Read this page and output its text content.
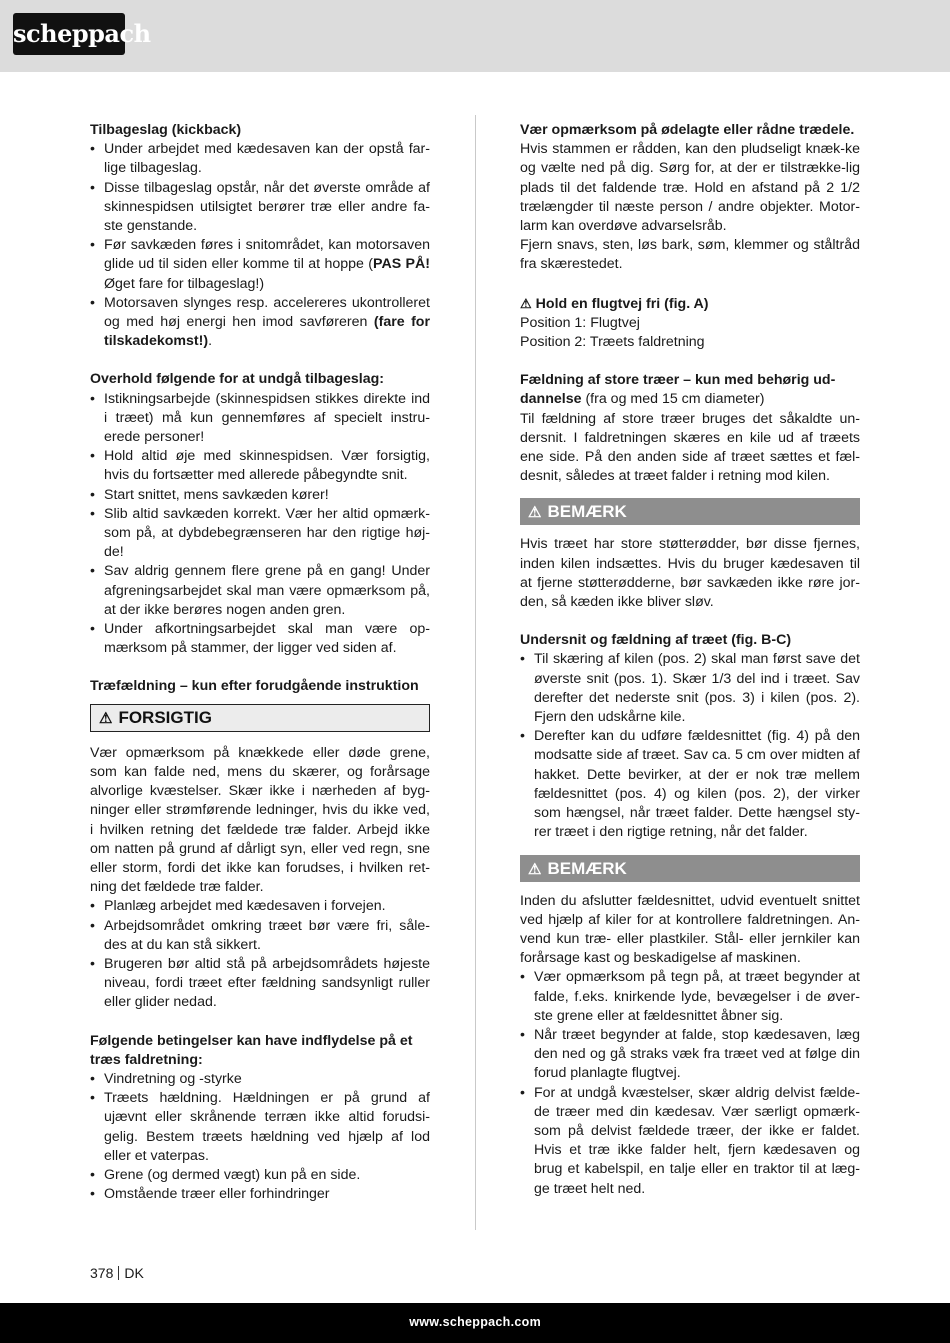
scheppach

Tilbageslag (kickback)

• Under arbejdet med kædesaven kan der opstå far-lige tilbageslag.
• Disse tilbageslag opstår, når det øverste område af skinnespidsen utilsigtet berører træ eller andre fa-ste genstande.
• Før savkæden føres i snitområdet, kan motorsaven glide ud til siden eller komme til at hoppe (PAS PÅ! Øget fare for tilbageslag!)
• Motorsaven slynges resp. accelereres ukontrolleret og med høj energi hen imod savføreren (fare for tilskadekomst!).

Overhold følgende for at undgå tilbageslag:

• Istikningsarbejde (skinnespidsen stikkes direkte ind i træet) må kun gennemføres af specielt instru-erede personer!
• Hold altid øje med skinnespidsen. Vær forsigtig, hvis du fortsætter med allerede påbegyndte snit.
• Start snittet, mens savkæden kører!
• Slib altid savkæden korrekt. Vær her altid opmærk-som på, at dybdebegrænseren har den rigtige høj-de!
• Sav aldrig gennem flere grene på en gang! Under afgreningsarbejdet skal man være opmærksom på, at der ikke berøres nogen anden gren.
• Under afkortningsarbejdet skal man være op-mærksom på stammer, der ligger ved siden af.

Træfældning – kun efter forudgående instruktion

⚠ FORSIGTIG

Vær opmærksom på knækkede eller døde grene, som kan falde ned, mens du skærer, og forårsage alvorlige kvæstelser. Skær ikke i nærheden af byg-ninger eller strømførende ledninger, hvis du ikke ved, i hvilken retning det fældede træ falder. Arbejd ikke om natten på grund af dårligt syn, eller ved regn, sne eller storm, fordi det ikke kan forudses, i hvilken ret-ning det fældede træ falder.

• Planlæg arbejdet med kædesaven i forvejen.
• Arbejdsområdet omkring træet bør være fri, såle-des at du kan stå sikkert.
• Brugeren bør altid stå på arbejdsområdets højeste niveau, fordi træet efter fældning sandsynligt ruller eller glider nedad.

Følgende betingelser kan have indflydelse på et træs faldretning:

• Vindretning og -styrke
• Træets hældning. Hældningen er på grund af ujævnt eller skrånende terræn ikke altid forudsi-gelig. Bestem træets hældning ved hjælp af lod eller et vaterpas.
• Grene (og dermed vægt) kun på en side.
• Omstående træer eller forhindringer

Vær opmærksom på ødelagte eller rådne trædele.

Hvis stammen er rådden, kan den pludseligt knæk-ke og vælte ned på dig. Sørg for, at der er tilstrække-lig plads til det faldende træ. Hold en afstand på 2 1/2 trælængder til næste person / andre objekter. Motor-larm kan overdøve advarselsråb.

Fjern snavs, sten, løs bark, søm, klemmer og ståltråd fra skærestedet.

⚠ Hold en flugtvej fri (fig. A)

Position 1: Flugtvej

Position 2: Træets faldretning

Fældning af store træer – kun med behørig ud-dannelse (fra og med 15 cm diameter)

Til fældning af store træer bruges det såkaldte un-dersnit. I faldretningen skæres en kile ud af træets ene side. På den anden side af træet sættes et fæl-desnit, således at træet falder i retning mod kilen.

⚠ BEMÆRK

Hvis træet har store støtterødder, bør disse fjernes, inden kilen indsættes. Hvis du bruger kædesaven til at fjerne støtterødderne, bør savkæden ikke røre jor-den, så kæden ikke bliver sløv.

Undersnit og fældning af træet (fig. B-C)

• Til skæring af kilen (pos. 2) skal man først save det øverste snit (pos. 1). Skær 1/3 del ind i træet. Sav derefter det nederste snit (pos. 3) i kilen (pos. 2). Fjern den udskårne kile.
• Derefter kan du udføre fældesnittet (fig. 4) på den modsatte side af træet. Sav ca. 5 cm over midten af hakket. Dette bevirker, at der er nok træ mellem fældesnittet (pos. 4) og kilen (pos. 2), der virker som hængsel, når træet falder. Dette hængsel sty-rer træet i den rigtige retning, når det falder.
⚠ BEMÆRK

Inden du afslutter fældesnittet, udvid eventuelt snittet ved hjælp af kiler for at kontrollere faldretningen. An-vend kun træ- eller plastkiler. Stål- eller jernkiler kan forårsage kast og beskadigelse af maskinen.

• Vær opmærksom på tegn på, at træet begynder at falde, f.eks. knirkende lyde, bevægelser i de øver-ste grene eller at fældesnittet åbner sig.
• Når træet begynder at falde, stop kædesaven, læg den ned og gå straks væk fra træet ved at følge din forud planlagte flugtvej.
• For at undgå kvæstelser, skær aldrig delvist fælde-de træer med din kædesav. Vær særligt opmærk-som på delvist fældede træer, der ikke er faldet. Hvis et træ ikke falder helt, fjern kædesaven og brug et kabelspil, en talje eller en traktor til at læg-ge træet helt ned.
378 DK
www.scheppach.com
